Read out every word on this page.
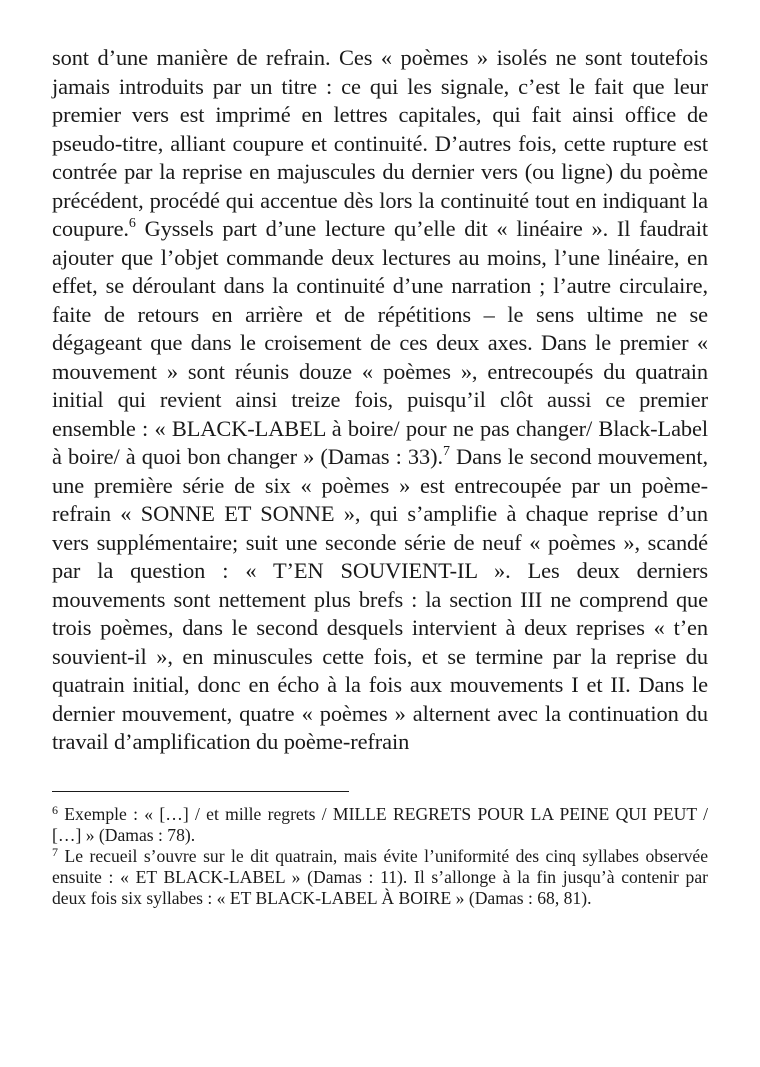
sont d’une manière de refrain. Ces « poèmes » isolés ne sont toutefois jamais introduits par un titre : ce qui les signale, c’est le fait que leur premier vers est imprimé en lettres capitales, qui fait ainsi office de pseudo-titre, alliant coupure et continuité. D’autres fois, cette rupture est contrée par la reprise en majuscules du dernier vers (ou ligne) du poème précédent, procédé qui accentue dès lors la continuité tout en indiquant la coupure.$^6$ Gyssels part d’une lecture qu’elle dit « linéaire ». Il faudrait ajouter que l’objet commande deux lectures au moins, l’une linéaire, en effet, se déroulant dans la continuité d’une narration ; l’autre circulaire, faite de retours en arrière et de répétitions – le sens ultime ne se dégageant que dans le croisement de ces deux axes. Dans le premier « mouvement » sont réunis douze « poèmes », entrecoupés du quatrain initial qui revient ainsi treize fois, puisqu’il clôt aussi ce premier ensemble : « BLACK-LABEL à boire/ pour ne pas changer/ Black-Label à boire/ à quoi bon changer » (Damas : 33).$^7$ Dans le second mouvement, une première série de six « poèmes » est entrecoupée par un poème-refrain « SONNE ET SONNE », qui s’amplifie à chaque reprise d’un vers supplémentaire; suit une seconde série de neuf « poèmes », scandé par la question : « T’EN SOUVIENT-IL ». Les deux derniers mouvements sont nettement plus brefs : la section III ne comprend que trois poèmes, dans le second desquels intervient à deux reprises « t’en souvient-il », en minuscules cette fois, et se termine par la reprise du quatrain initial, donc en écho à la fois aux mouvements I et II. Dans le dernier mouvement, quatre « poèmes » alternent avec la continuation du travail d’amplification du poème-refrain

$^6$ Exemple : « […] / et mille regrets / MILLE REGRETS POUR LA PEINE QUI PEUT / […] » (Damas : 78).

$^7$ Le recueil s’ouvre sur le dit quatrain, mais évite l’uniformité des cinq syllabes observée ensuite : « ET BLACK-LABEL » (Damas : 11). Il s’allonge à la fin jusqu’à contenir par deux fois six syllabes : « ET BLACK-LABEL À BOIRE » (Damas : 68, 81).
